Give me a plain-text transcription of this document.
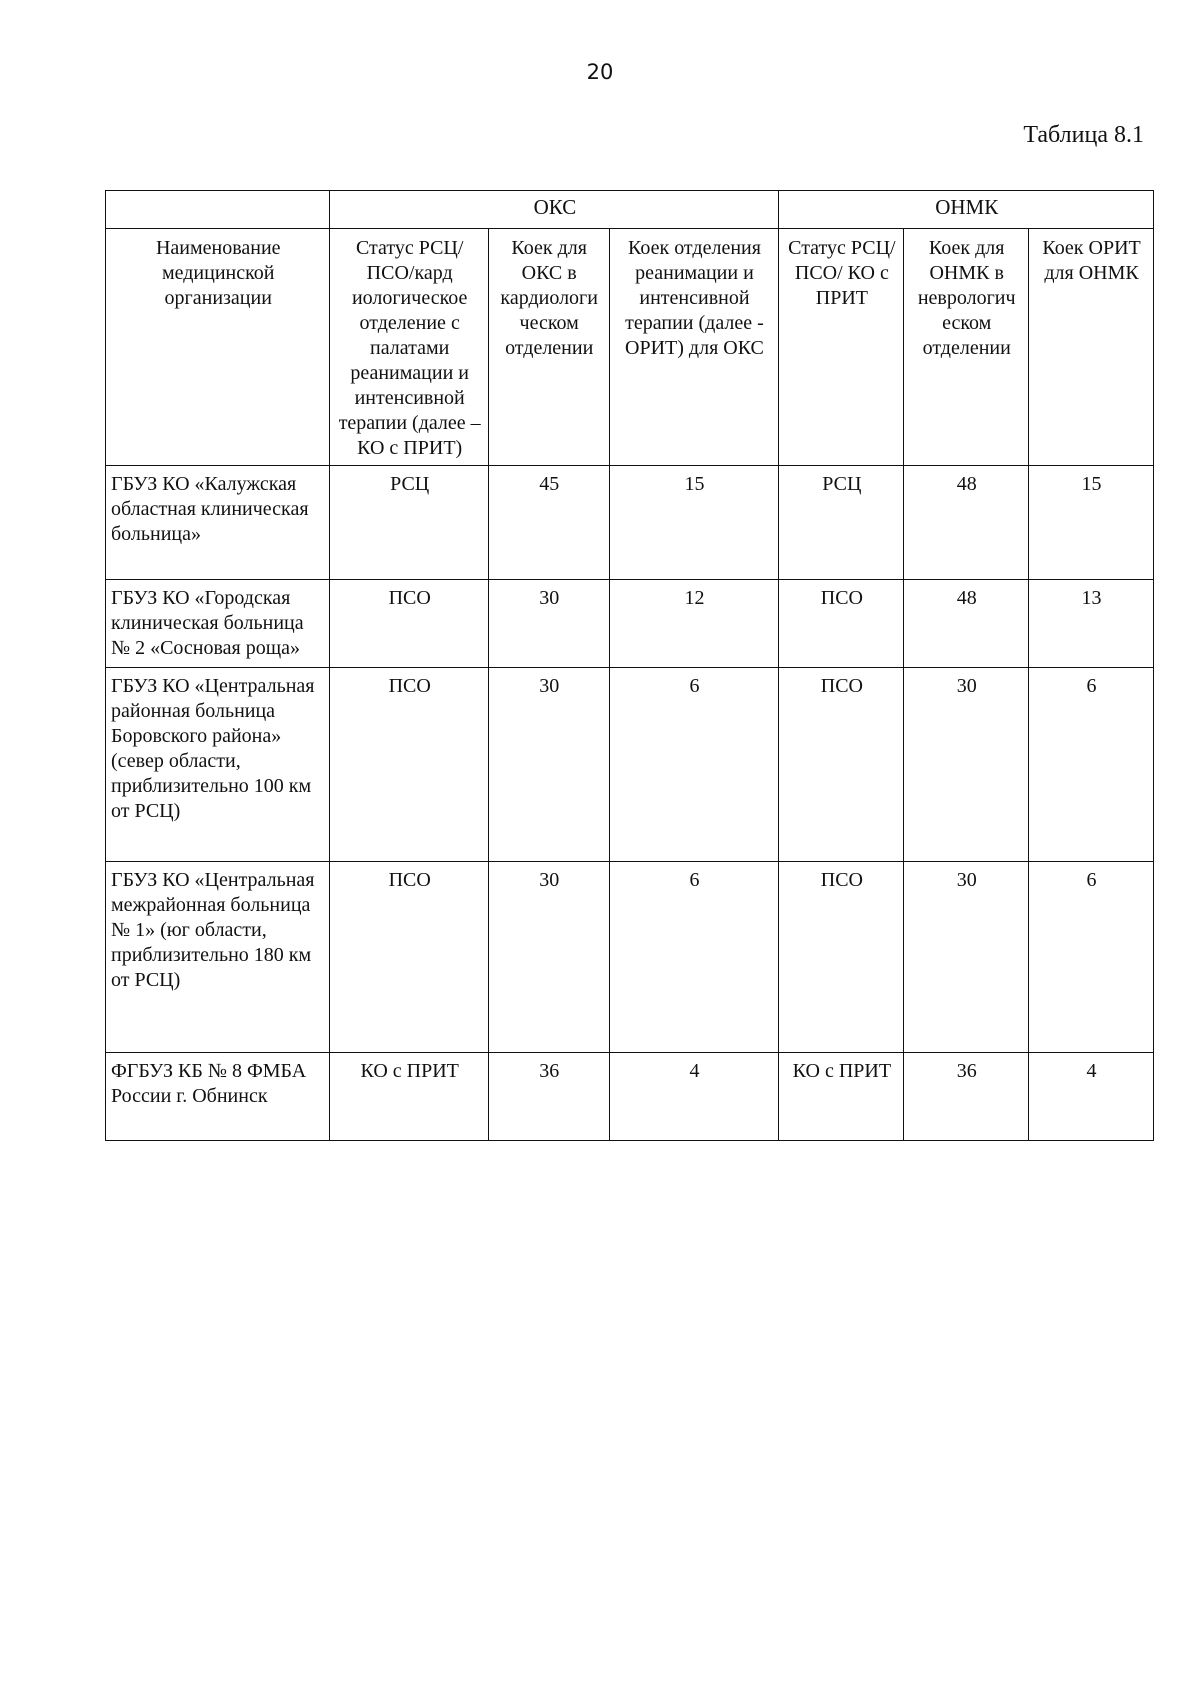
20
Таблица 8.1
	ОКС			ОНМК		
Наименование медицинской организации	Статус РСЦ/ПСО/кард иологическое отделение с палатами реанимации и интенсивной терапии (далее – КО с ПРИТ)	Коек для ОКС в кардиологи ческом отделении	Коек отделения реанимации и интенсивной терапии (далее - ОРИТ) для ОКС	Статус РСЦ/ПСО/ КО с ПРИТ	Коек для ОНМК в неврологич еском отделении	Коек ОРИТ для ОНМК
ГБУЗ КО «Калужская областная клиническая больница»	РСЦ	45	15	РСЦ	48	15
ГБУЗ КО «Городская клиническая больница № 2 «Сосновая роща»	ПСО	30	12	ПСО	48	13
ГБУЗ КО «Центральная районная больница Боровского района» (север области, приблизительно 100 км от РСЦ)	ПСО	30	6	ПСО	30	6
ГБУЗ КО «Центральная межрайонная больница № 1» (юг области, приблизительно 180 км от РСЦ)	ПСО	30	6	ПСО	30	6
ФГБУЗ КБ № 8 ФМБА России г. Обнинск	КО с ПРИТ	36	4	КО с ПРИТ	36	4
